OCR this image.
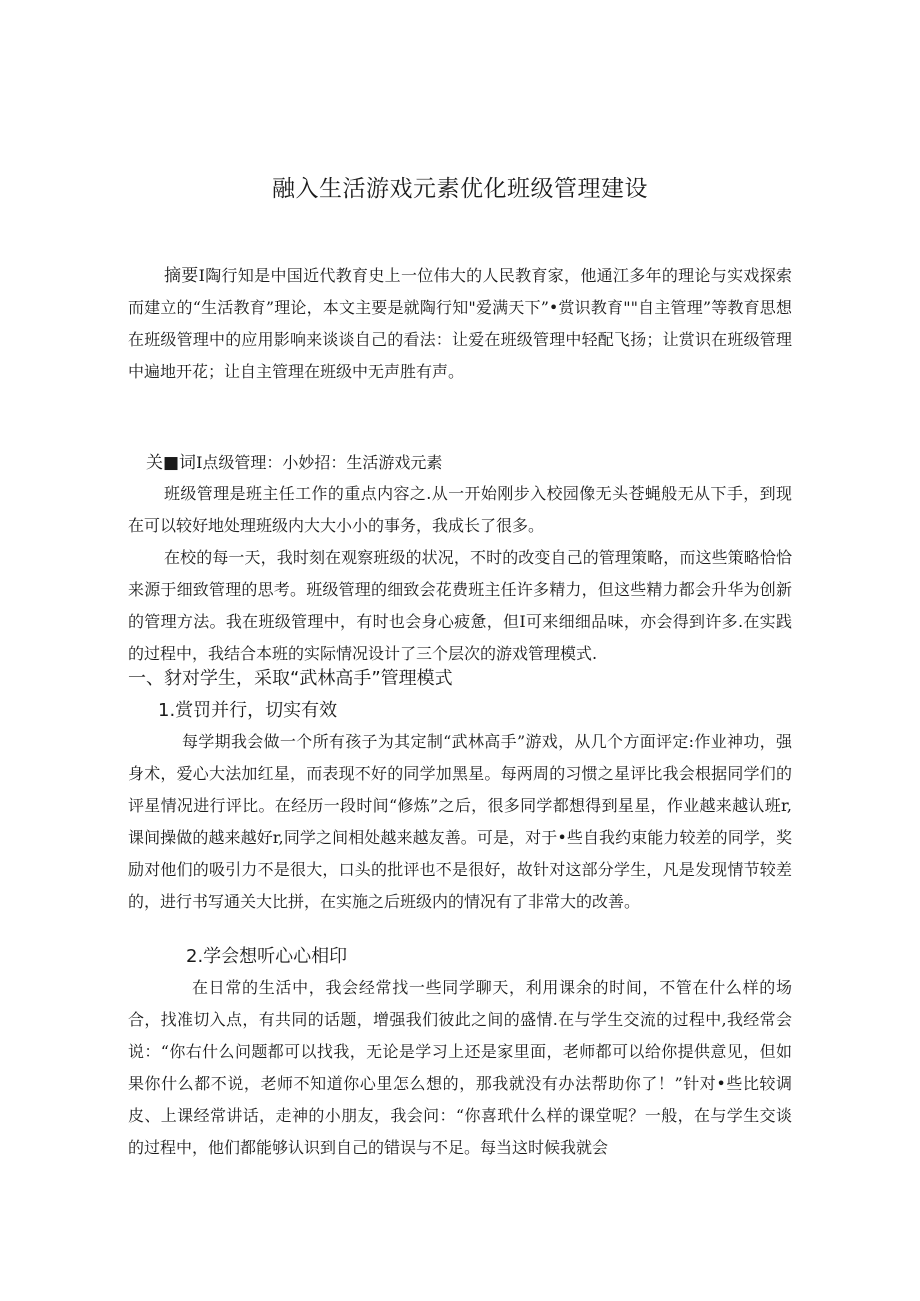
融入生活游戏元素优化班级管理建设

摘要I陶行知是中国近代教育史上一位伟大的人民教育家，他通江多年的理论与实戏探索而建立的“生活教育”理论，本文主要是就陶行知"爱满天下”•赏识教育""自主管理”等教育思想在班级管理中的应用影响来谈谈自己的看法：让爱在班级管理中轻配飞扬；让赏识在班级管理中遍地开花；让自主管理在班级中无声胜有声。

关■词I点级管理：小妙招：生活游戏元素

班级管理是班主任工作的重点内容之.从一开始刚步入校园像无头苍蝇般无从下手，到现在可以较好地处理班级内大大小小的事务，我成长了很多。

在校的每一天，我时刻在观察班级的状况，不时的改变自己的管理策略，而这些策略恰恰来源于细致管理的思考。班级管理的细致会花费班主任许多精力，但这些精力都会升华为创新的管理方法。我在班级管理中，有时也会身心疲惫，但I可来细细品味，亦会得到许多.在实践的过程中，我结合本班的实际情况设计了三个层次的游戏管理模式.

一、豺对学生，采取“武林高手”管理模式
1.赏罚并行，切实有效

每学期我会做一个所有孩子为其定制“武林高手”游戏，从几个方面评定:作业神功，强身术，爱心大法加红星，而表现不好的同学加黑星。每两周的习惯之星评比我会根据同学们的评星情况进行评比。在经历一段时间“修炼”之后，很多同学都想得到星星，作业越来越认班r,课间操做的越来越好r,同学之间相处越来越友善。可是，对于•些自我约束能力较差的同学，奖励对他们的吸引力不是很大，口头的批评也不是很好，故针对这部分学生，凡是发现情节较差的，进行书写通关大比拼，在实施之后班级内的情况有了非常大的改善。

2.学会想听心心相印

在日常的生活中，我会经常找一些同学聊天，利用课余的时间，不管在什么样的场合，找准切入点，有共同的话题，增强我们彼此之间的盛情.在与学生交流的过程中,我经常会说：“你右什么问题都可以找我，无论是学习上还是家里面，老师都可以给你提供意见，但如果你什么都不说，老师不知道你心里怎么想的，那我就没有办法帮助你了！”针对•些比较调皮、上课经常讲话，走神的小朋友，我会问：“你喜玳什么样的课堂呢？一般，在与学生交谈的过程中，他们都能够认识到自己的错误与不足。每当这时候我就会
